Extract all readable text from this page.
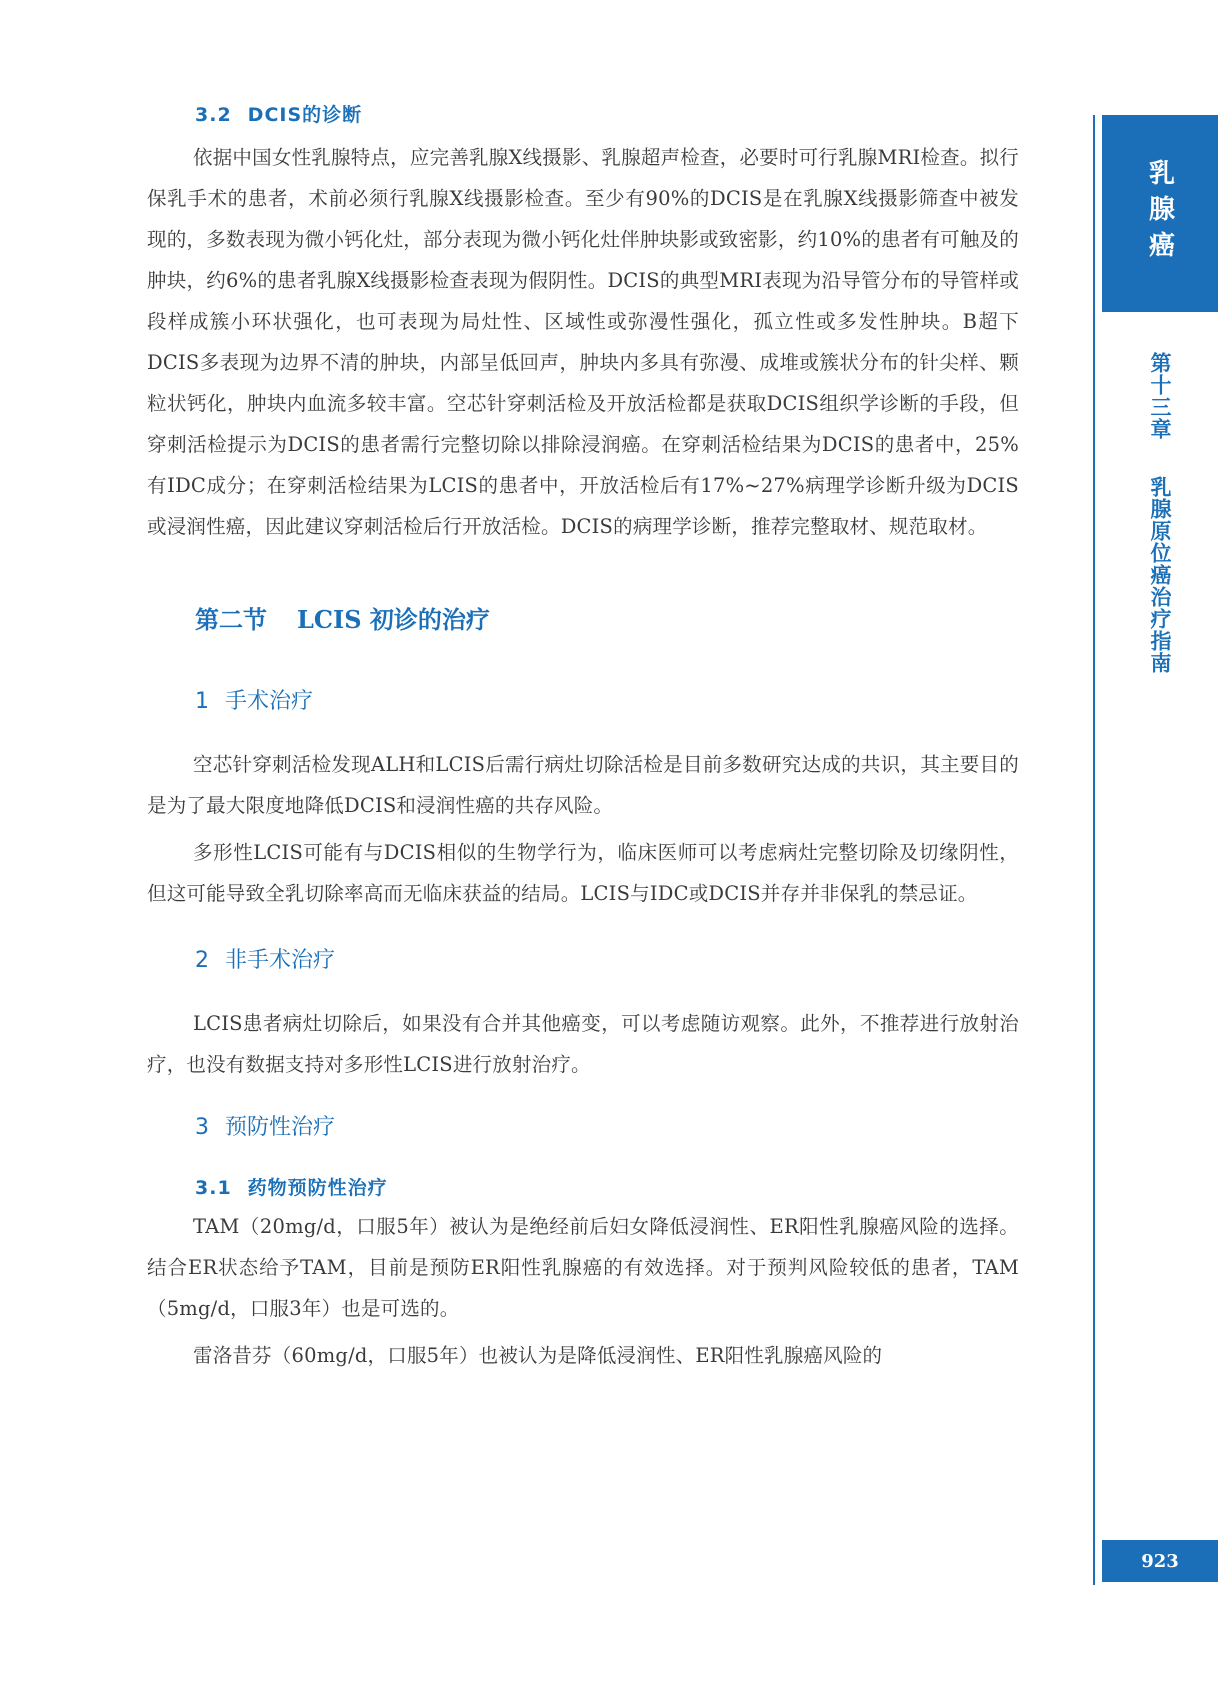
乳腺癌
第十三章乳腺原位癌治疗指南
923
3.2 DCIS的诊断

依据中国女性乳腺特点，应完善乳腺X线摄影、乳腺超声检查，必要时可行乳腺MRI检查。拟行保乳手术的患者，术前必须行乳腺X线摄影检查。至少有90%的DCIS是在乳腺X线摄影筛查中被发现的，多数表现为微小钙化灶，部分表现为微小钙化灶伴肿块影或致密影，约10%的患者有可触及的肿块，约6%的患者乳腺X线摄影检查表现为假阴性。DCIS的典型MRI表现为沿导管分布的导管样或段样成簇小环状强化，也可表现为局灶性、区域性或弥漫性强化，孤立性或多发性肿块。B超下DCIS多表现为边界不清的肿块，内部呈低回声，肿块内多具有弥漫、成堆或簇状分布的针尖样、颗粒状钙化，肿块内血流多较丰富。空芯针穿刺活检及开放活检都是获取DCIS组织学诊断的手段，但穿刺活检提示为DCIS的患者需行完整切除以排除浸润癌。在穿刺活检结果为DCIS的患者中，25%有IDC成分；在穿刺活检结果为LCIS的患者中，开放活检后有17%~27%病理学诊断升级为DCIS或浸润性癌，因此建议穿刺活检后行开放活检。DCIS的病理学诊断，推荐完整取材、规范取材。

第二节 LCIS 初诊的治疗
1 手术治疗

空芯针穿刺活检发现ALH和LCIS后需行病灶切除活检是目前多数研究达成的共识，其主要目的是为了最大限度地降低DCIS和浸润性癌的共存风险。

多形性LCIS可能有与DCIS相似的生物学行为，临床医师可以考虑病灶完整切除及切缘阴性，但这可能导致全乳切除率高而无临床获益的结局。LCIS与IDC或DCIS并存并非保乳的禁忌证。

2 非手术治疗

LCIS患者病灶切除后，如果没有合并其他癌变，可以考虑随访观察。此外，不推荐进行放射治疗，也没有数据支持对多形性LCIS进行放射治疗。

3 预防性治疗
3.1 药物预防性治疗

TAM（20mg/d，口服5年）被认为是绝经前后妇女降低浸润性、ER阳性乳腺癌风险的选择。结合ER状态给予TAM，目前是预防ER阳性乳腺癌的有效选择。对于预判风险较低的患者，TAM（5mg/d，口服3年）也是可选的。

雷洛昔芬（60mg/d，口服5年）也被认为是降低浸润性、ER阳性乳腺癌风险的
